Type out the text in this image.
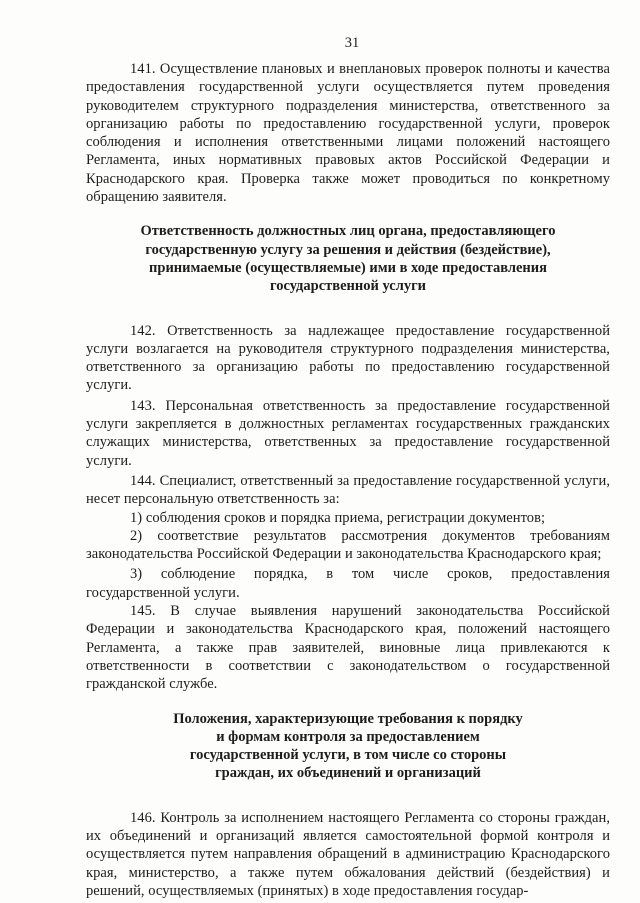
31

141. Осуществление плановых и внеплановых проверок полноты и качества предоставления государственной услуги осуществляется путем проведения руководителем структурного подразделения министерства, ответственного за организацию работы по предоставлению государственной услуги, проверок соблюдения и исполнения ответственными лицами положений настоящего Регламента, иных нормативных правовых актов Российской Федерации и Краснодарского края. Проверка также может проводиться по конкретному обращению заявителя.

Ответственность должностных лиц органа, предоставляющего
государственную услугу за решения и действия (бездействие),
принимаемые (осуществляемые) ими в ходе предоставления
государственной услуги

142. Ответственность за надлежащее предоставление государственной услуги возлагается на руководителя структурного подразделения министерства, ответственного за организацию работы по предоставлению государственной услуги.

143. Персональная ответственность за предоставление государственной услуги закрепляется в должностных регламентах государственных гражданских служащих министерства, ответственных за предоставление государственной услуги.

144. Специалист, ответственный за предоставление государственной услуги, несет персональную ответственность за:

1) соблюдения сроков и порядка приема, регистрации документов;

2) соответствие результатов рассмотрения документов требованиям законодательства Российской Федерации и законодательства Краснодарского края;

3) соблюдение порядка, в том числе сроков, предоставления государственной услуги.

145. В случае выявления нарушений законодательства Российской Федерации и законодательства Краснодарского края, положений настоящего Регламента, а также прав заявителей, виновные лица привлекаются к ответственности в соответствии с законодательством о государственной гражданской службе.

Положения, характеризующие требования к порядку
и формам контроля за предоставлением
государственной услуги, в том числе со стороны
граждан, их объединений и организаций

146. Контроль за исполнением настоящего Регламента со стороны граждан, их объединений и организаций является самостоятельной формой контроля и осуществляется путем направления обращений в администрацию Краснодарского края, министерство, а также путем обжалования действий (бездействия) и решений, осуществляемых (принятых) в ходе предоставления государ-
